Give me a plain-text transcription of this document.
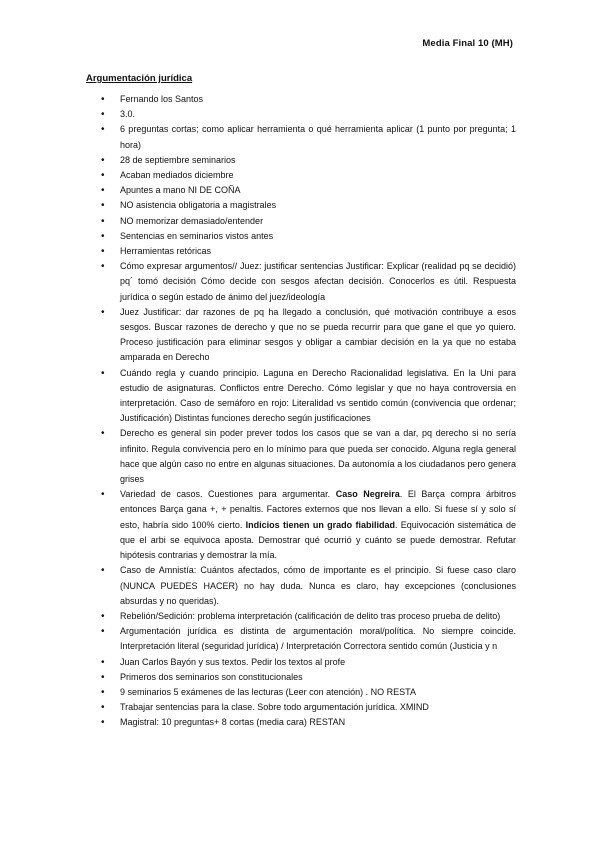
Media Final 10 (MH)
Argumentación jurídica
• Fernando los Santos
• 3.0.
• 6 preguntas cortas; como aplicar herramienta o qué herramienta aplicar (1 punto por pregunta; 1 hora)
• 28 de septiembre seminarios
• Acaban mediados diciembre
• Apuntes a mano NI DE COÑA
• NO asistencia obligatoria a magistrales
• NO memorizar demasiado/entender
• Sentencias en seminarios vistos antes
• Herramientas retóricas
• Cómo expresar argumentos// Juez: justificar sentencias Justificar: Explicar (realidad pq se decidió) pq´ tomó decisión Cómo decide con sesgos afectan decisión. Conocerlos es útil. Respuesta jurídica o según estado de ánimo del juez/ideología
• Juez Justificar: dar razones de pq ha llegado a conclusión, qué motivación contribuye a esos sesgos. Buscar razones de derecho y que no se pueda recurrir para que gane el que yo quiero. Proceso justificación para eliminar sesgos y obligar a cambiar decisión en la ya que no estaba amparada en Derecho
• Cuándo regla y cuando principio. Laguna en Derecho Racionalidad legislativa. En la Uni para estudio de asignaturas. Conflictos entre Derecho. Cómo legislar y que no haya controversia en interpretación. Caso de semáforo en rojo: Literalidad vs sentido común (convivencia que ordenar; Justificación) Distintas funciones derecho según justificaciones
• Derecho es general sin poder prever todos los casos que se van a dar, pq derecho si no sería infinito. Regula convivencia pero en lo mínimo para que pueda ser conocido. Alguna regla general hace que algún caso no entre en algunas situaciones. Da autonomía a los ciudadanos pero genera grises
• Variedad de casos. Cuestiones para argumentar. Caso Negreira. El Barça compra árbitros entonces Barça gana +, + penaltis. Factores externos que nos llevan a ello. Si fuese sí y solo sí esto, habría sido 100% cierto. Indicios tienen un grado fiabilidad. Equivocación sistemática de que el arbi se equivoca aposta. Demostrar qué ocurrió y cuánto se puede demostrar. Refutar hipótesis contrarias y demostrar la mía.
• Caso de Amnistía: Cuántos afectados, cómo de importante es el principio. Si fuese caso claro (NUNCA PUEDES HACER) no hay duda. Nunca es claro, hay excepciones (conclusiones absurdas y no queridas).
• Rebelión/Sedición: problema interpretación (calificación de delito tras proceso prueba de delito)
• Argumentación jurídica es distinta de argumentación moral/política. No siempre coincide. Interpretación literal (seguridad jurídica) / Interpretación Correctora sentido común (Justicia y n
• Juan Carlos Bayón y sus textos. Pedir los textos al profe
• Primeros dos seminarios son constitucionales
• 9 seminarios 5 exámenes de las lecturas (Leer con atención) . NO RESTA
• Trabajar sentencias para la clase. Sobre todo argumentación jurídica. XMIND
• Magistral: 10 preguntas+ 8 cortas (media cara) RESTAN
